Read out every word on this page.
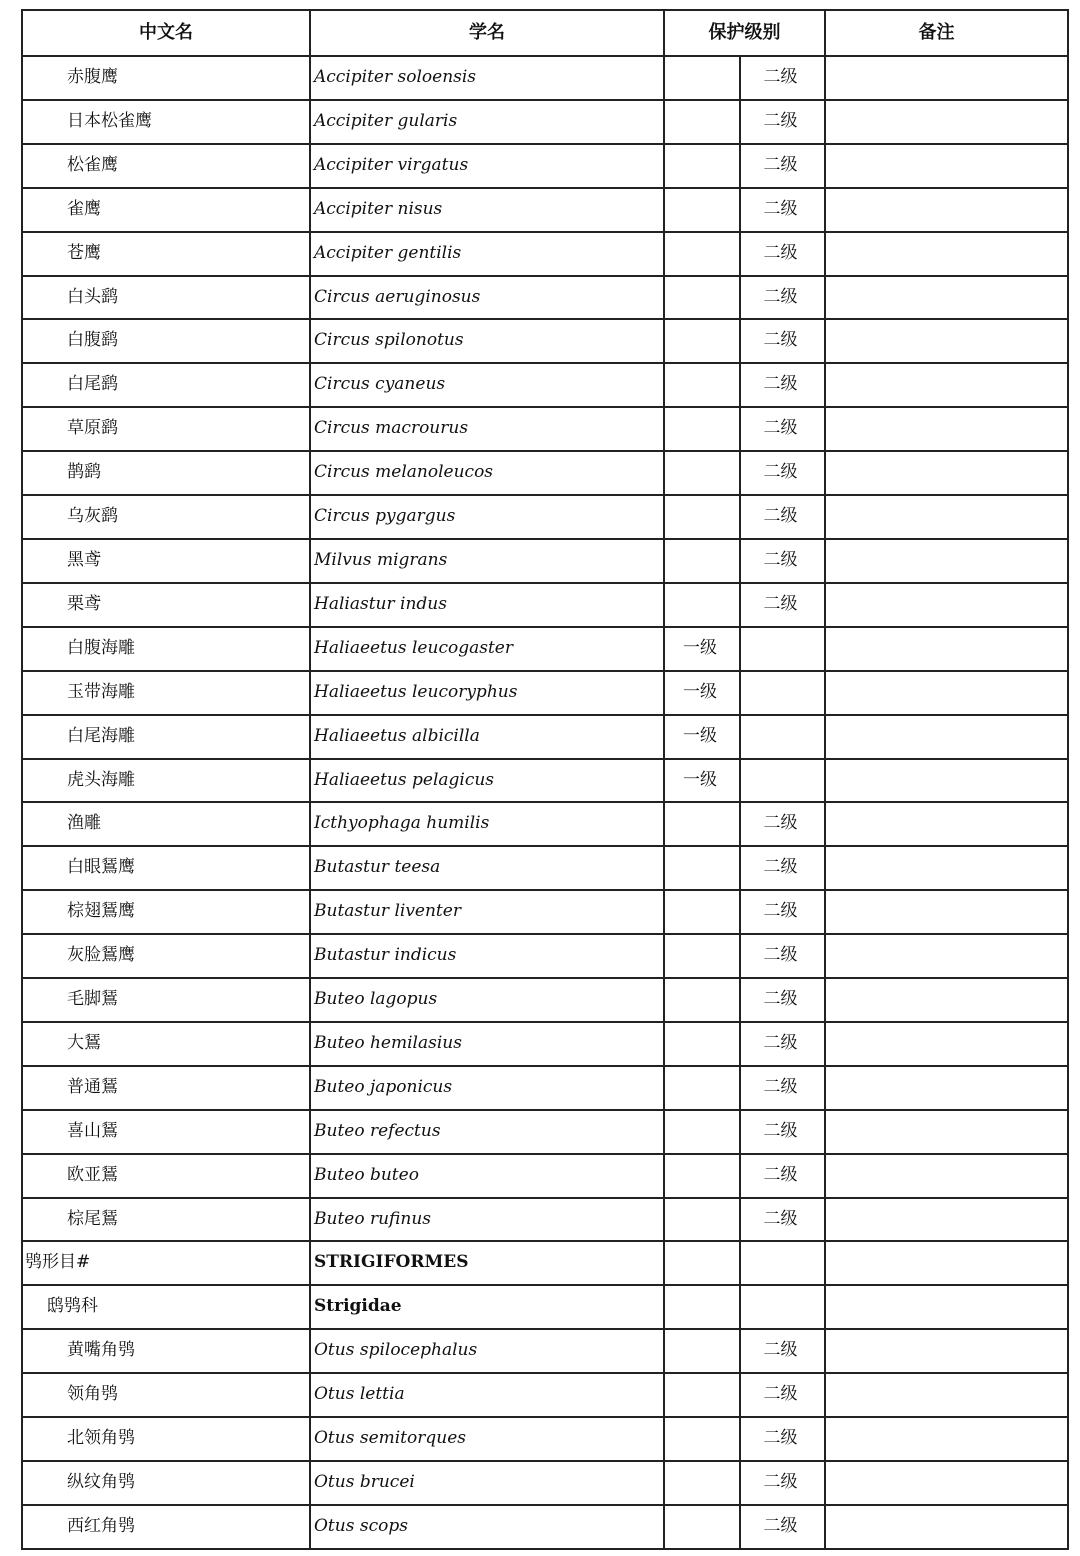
中文名	学名	保护级别		备注
赤腹鹰	Accipiter soloensis		二级	
日本松雀鹰	Accipiter gularis		二级	
松雀鹰	Accipiter virgatus		二级	
雀鹰	Accipiter nisus		二级	
苍鹰	Accipiter gentilis		二级	
白头鹞	Circus aeruginosus		二级	
白腹鹞	Circus spilonotus		二级	
白尾鹞	Circus cyaneus		二级	
草原鹞	Circus macrourus		二级	
鹊鹞	Circus melanoleucos		二级	
乌灰鹞	Circus pygargus		二级	
黑鸢	Milvus migrans		二级	
栗鸢	Haliastur indus		二级	
白腹海雕	Haliaeetus leucogaster	一级		
玉带海雕	Haliaeetus leucoryphus	一级		
白尾海雕	Haliaeetus albicilla	一级		
虎头海雕	Haliaeetus pelagicus	一级		
渔雕	Icthyophaga humilis		二级	
白眼鵟鹰	Butastur teesa		二级	
棕翅鵟鹰	Butastur liventer		二级	
灰脸鵟鹰	Butastur indicus		二级	
毛脚鵟	Buteo lagopus		二级	
大鵟	Buteo hemilasius		二级	
普通鵟	Buteo japonicus		二级	
喜山鵟	Buteo refectus		二级	
欧亚鵟	Buteo buteo		二级	
棕尾鵟	Buteo rufinus		二级	
鸮形目#	STRIGIFORMES			
鸱鸮科	Strigidae			
黄嘴角鸮	Otus spilocephalus		二级	
领角鸮	Otus lettia		二级	
北领角鸮	Otus semitorques		二级	
纵纹角鸮	Otus brucei		二级	
西红角鸮	Otus scops		二级	
